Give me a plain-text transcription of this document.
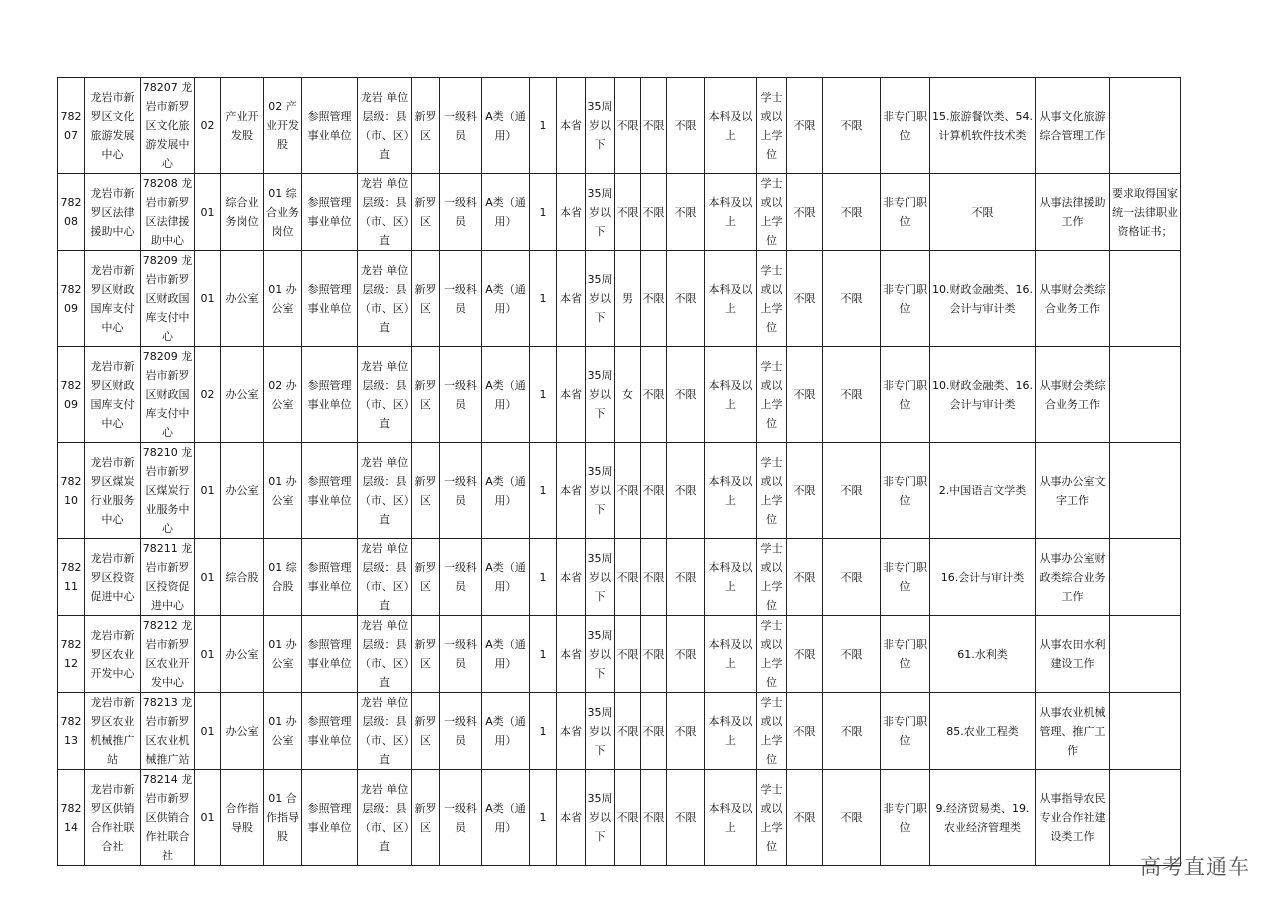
78207	龙岩市新罗区文化旅游发展中心	78207 龙岩市新罗区文化旅游发展中心	02	产业开发股	02 产业开发股	参照管理事业单位	龙岩 单位层级：县（市、区）直	新罗区	一级科员	A类（通用）	1	本省	35周岁以下	不限	不限	不限	本科及以上	学士或以上学位	不限	不限	非专门职位	15.旅游餐饮类、54.计算机软件技术类	从事文化旅游综合管理工作	
78208	龙岩市新罗区法律援助中心	78208 龙岩市新罗区法律援助中心	01	综合业务岗位	01 综合业务岗位	参照管理事业单位	龙岩 单位层级：县（市、区）直	新罗区	一级科员	A类（通用）	1	本省	35周岁以下	不限	不限	不限	本科及以上	学士或以上学位	不限	不限	非专门职位	不限	从事法律援助工作	要求取得国家统一法律职业资格证书；
78209	龙岩市新罗区财政国库支付中心	78209 龙岩市新罗区财政国库支付中心	01	办公室	01 办公室	参照管理事业单位	龙岩 单位层级：县（市、区）直	新罗区	一级科员	A类（通用）	1	本省	35周岁以下	男	不限	不限	本科及以上	学士或以上学位	不限	不限	非专门职位	10.财政金融类、16.会计与审计类	从事财会类综合业务工作	
78209	龙岩市新罗区财政国库支付中心	78209 龙岩市新罗区财政国库支付中心	02	办公室	02 办公室	参照管理事业单位	龙岩 单位层级：县（市、区）直	新罗区	一级科员	A类（通用）	1	本省	35周岁以下	女	不限	不限	本科及以上	学士或以上学位	不限	不限	非专门职位	10.财政金融类、16.会计与审计类	从事财会类综合业务工作	
78210	龙岩市新罗区煤炭行业服务中心	78210 龙岩市新罗区煤炭行业服务中心	01	办公室	01 办公室	参照管理事业单位	龙岩 单位层级：县（市、区）直	新罗区	一级科员	A类（通用）	1	本省	35周岁以下	不限	不限	不限	本科及以上	学士或以上学位	不限	不限	非专门职位	2.中国语言文学类	从事办公室文字工作	
78211	龙岩市新罗区投资促进中心	78211 龙岩市新罗区投资促进中心	01	综合股	01 综合股	参照管理事业单位	龙岩 单位层级：县（市、区）直	新罗区	一级科员	A类（通用）	1	本省	35周岁以下	不限	不限	不限	本科及以上	学士或以上学位	不限	不限	非专门职位	16.会计与审计类	从事办公室财政类综合业务工作	
78212	龙岩市新罗区农业开发中心	78212 龙岩市新罗区农业开发中心	01	办公室	01 办公室	参照管理事业单位	龙岩 单位层级：县（市、区）直	新罗区	一级科员	A类（通用）	1	本省	35周岁以下	不限	不限	不限	本科及以上	学士或以上学位	不限	不限	非专门职位	61.水利类	从事农田水利建设工作	
78213	龙岩市新罗区农业机械推广站	78213 龙岩市新罗区农业机械推广站	01	办公室	01 办公室	参照管理事业单位	龙岩 单位层级：县（市、区）直	新罗区	一级科员	A类（通用）	1	本省	35周岁以下	不限	不限	不限	本科及以上	学士或以上学位	不限	不限	非专门职位	85.农业工程类	从事农业机械管理、推广工作	
78214	龙岩市新罗区供销合作社联合社	78214 龙岩市新罗区供销合作社联合社	01	合作指导股	01 合作指导股	参照管理事业单位	龙岩 单位层级：县（市、区）直	新罗区	一级科员	A类（通用）	1	本省	35周岁以下	不限	不限	不限	本科及以上	学士或以上学位	不限	不限	非专门职位	9.经济贸易类、19.农业经济管理类	从事指导农民专业合作社建设类工作	
高考直通车
